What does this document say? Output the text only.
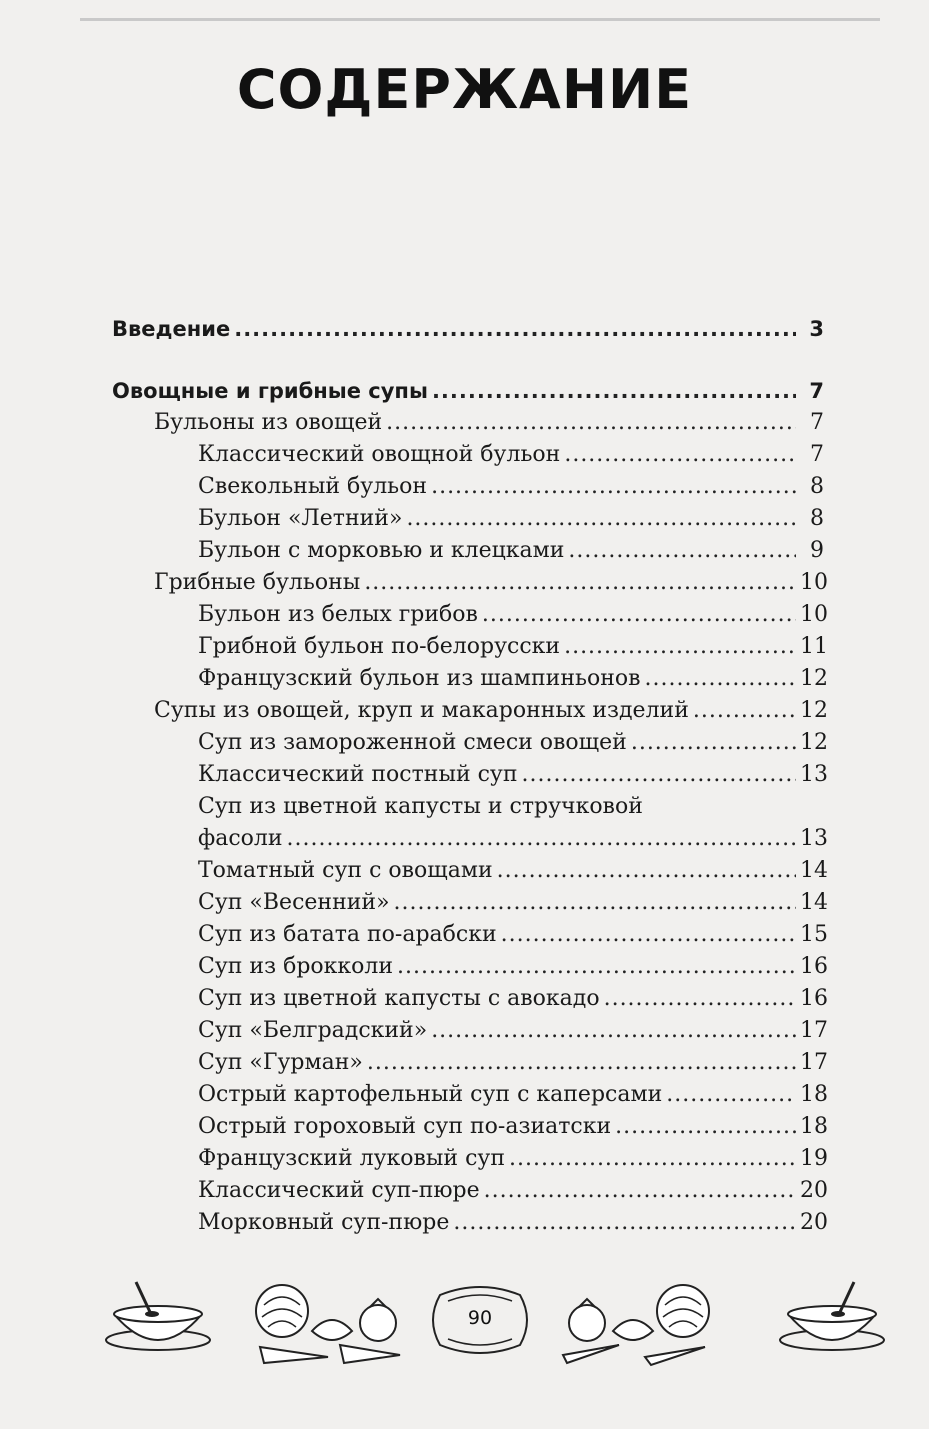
СОДЕРЖАНИЕ
Введение .....	3
Овощные и грибные супы .....	7
Бульоны из овощей .....	7
Классический овощной бульон .....	7
Свекольный бульон .....	8
Бульон «Летний» .....	8
Бульон с морковью и клецками .....	9
Грибные бульоны .....	10
Бульон из белых грибов .....	10
Грибной бульон по-белорусски .....	11
Французский бульон из шампиньонов .....	12
Супы из овощей, круп и макаронных изделий .....	12
Суп из замороженной смеси овощей .....	12
Классический постный суп .....	13
Суп из цветной капусты и стручковой
фасоли .....	13
Томатный суп с овощами .....	14
Суп «Весенний» .....	14
Суп из батата по-арабски .....	15
Суп из брокколи .....	16
Суп из цветной капусты с авокадо .....	16
Суп «Белградский» .....	17
Суп «Гурман» .....	17
Острый картофельный суп с каперсами .....	18
Острый гороховый суп по-азиатски .....	18
Французский луковый суп .....	19
Классический суп-пюре .....	20
Морковный суп-пюре .....	20
90
